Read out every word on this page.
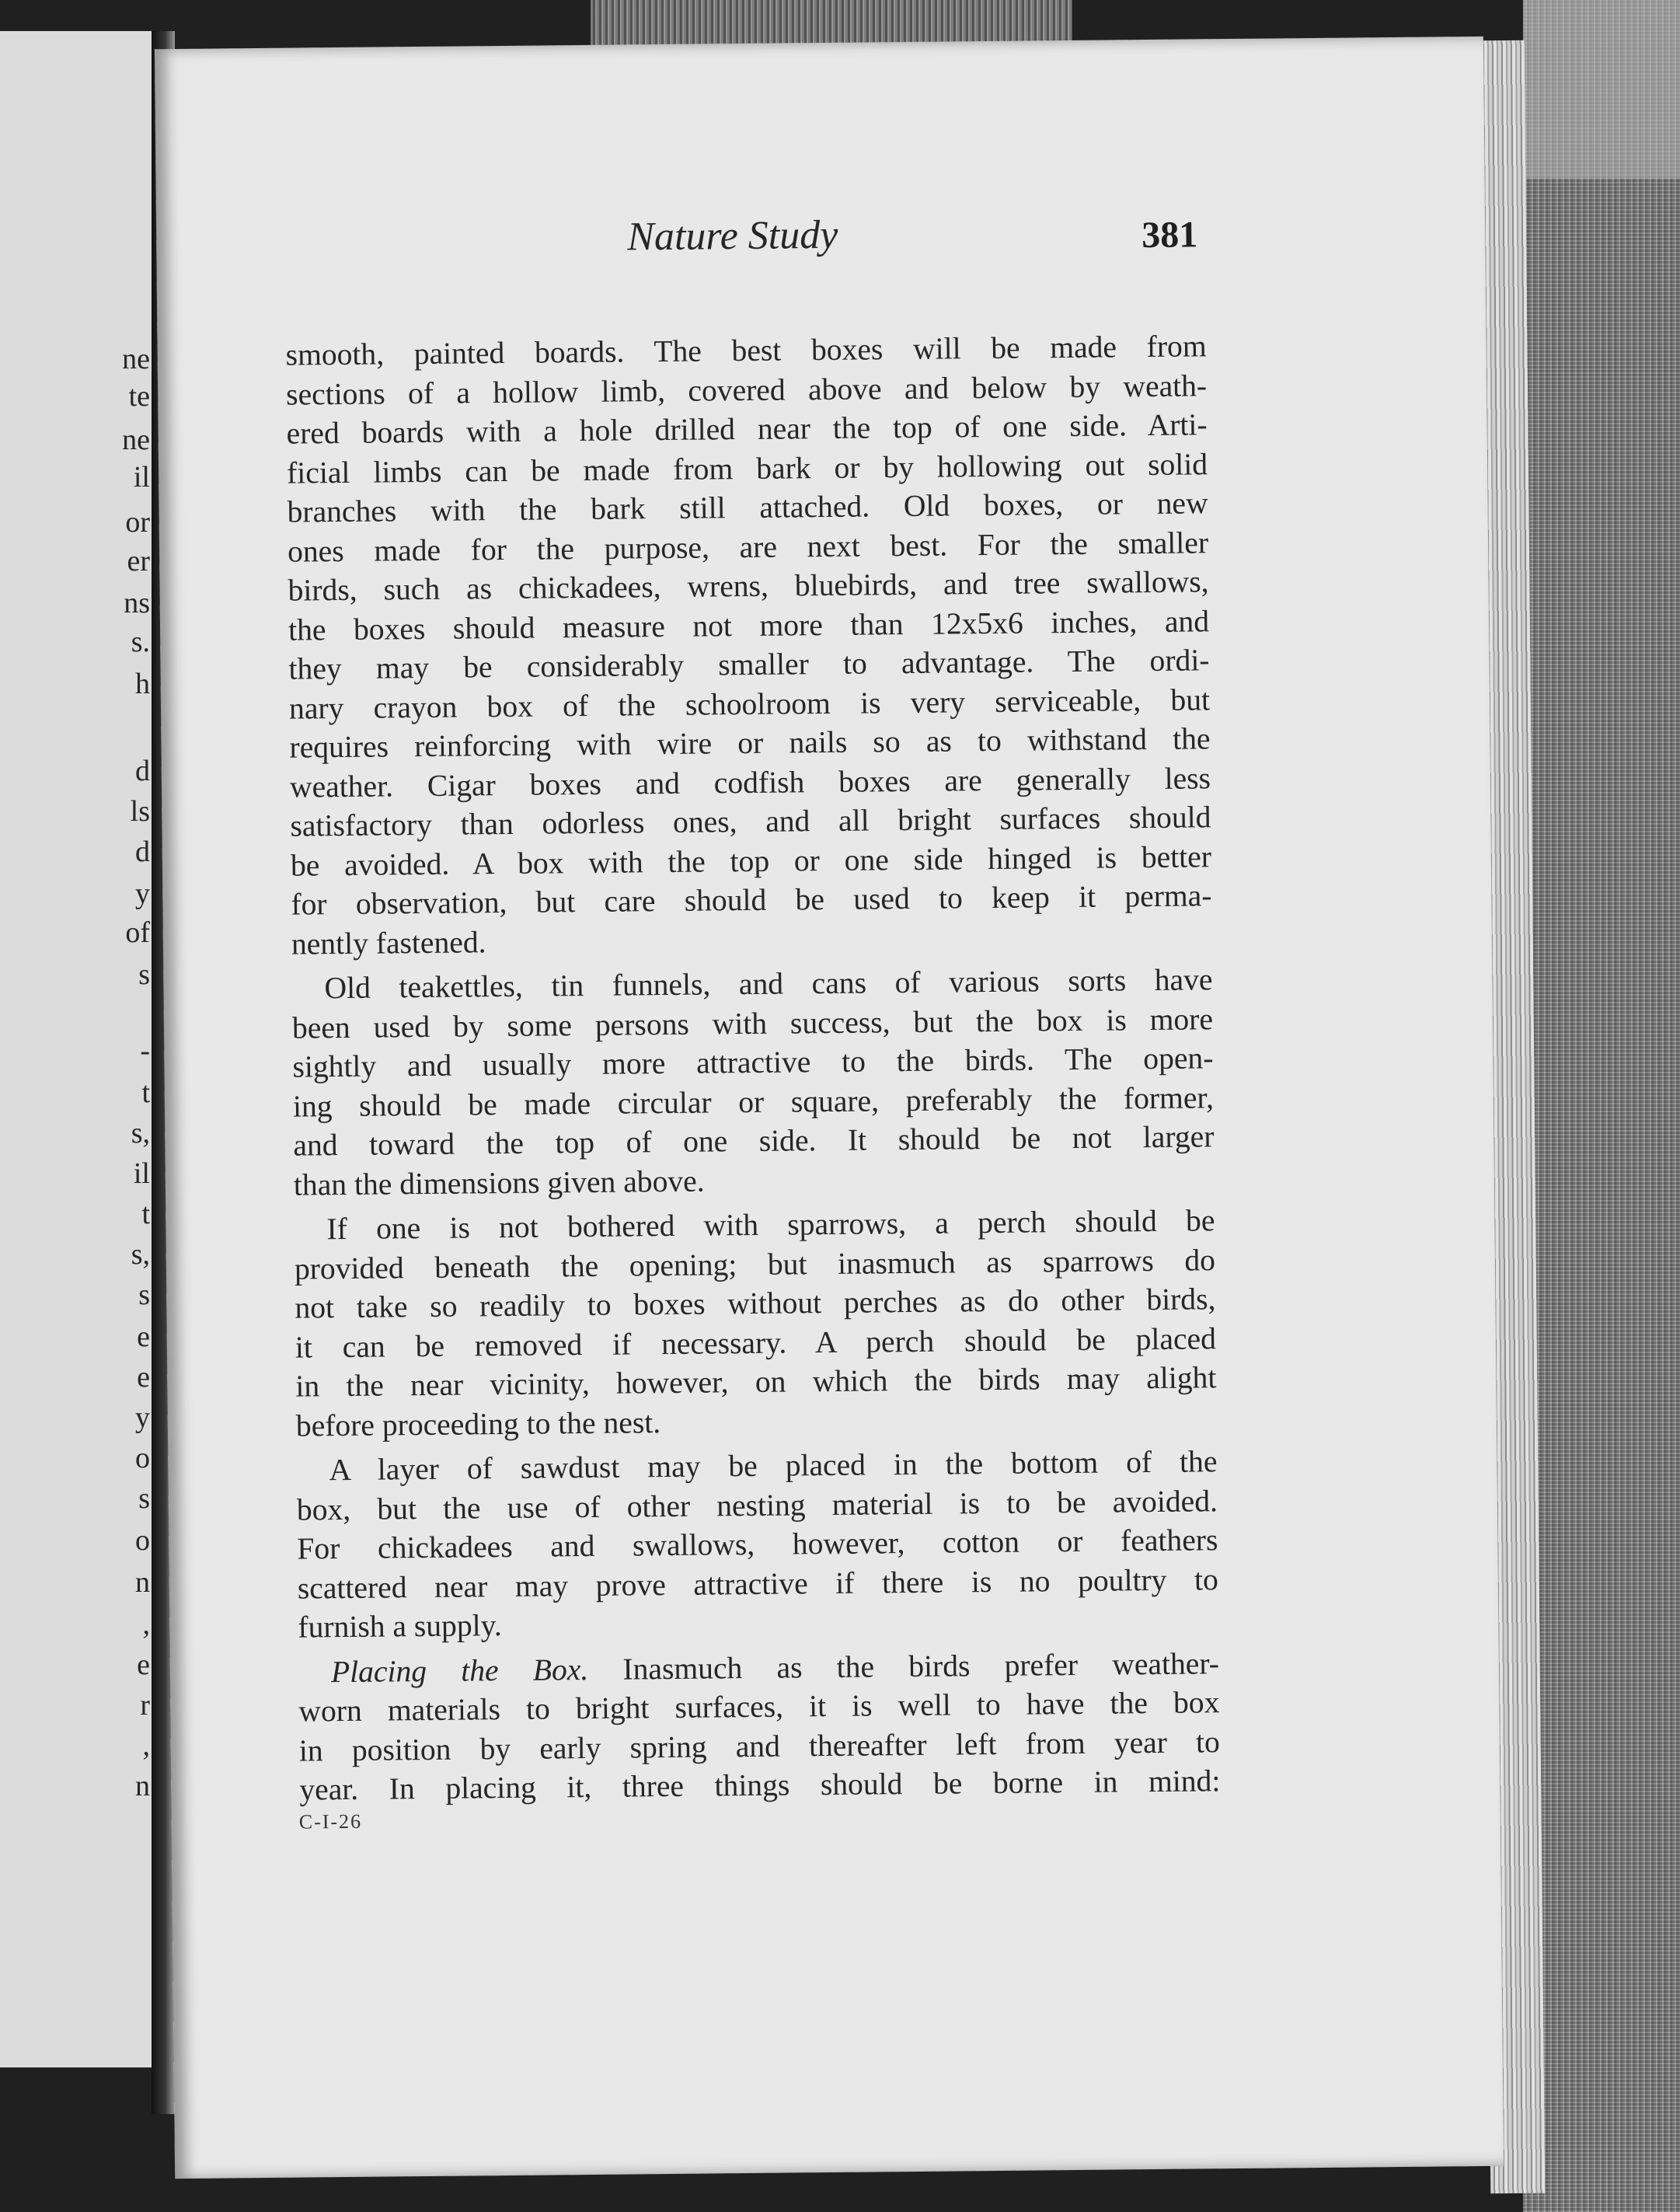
ne
te
ne
il
or
er
ns
s.
h
d
ls
d
y
of
s
-
t
s,
il
t
s,
s
e
e
y
o
s
o
n
,
e
r
,
n
Nature Study	381
smooth, painted boards. The best boxes will be made from
sections of a hollow limb, covered above and below by weath-
ered boards with a hole drilled near the top of one side. Arti-
ficial limbs can be made from bark or by hollowing out solid
branches with the bark still attached. Old boxes, or new
ones made for the purpose, are next best. For the smaller
birds, such as chickadees, wrens, bluebirds, and tree swallows,
the boxes should measure not more than 12x5x6 inches, and
they may be considerably smaller to advantage. The ordi-
nary crayon box of the schoolroom is very serviceable, but
requires reinforcing with wire or nails so as to withstand the
weather. Cigar boxes and codfish boxes are generally less
satisfactory than odorless ones, and all bright surfaces should
be avoided. A box with the top or one side hinged is better
for observation, but care should be used to keep it perma-
nently fastened.
Old teakettles, tin funnels, and cans of various sorts have
been used by some persons with success, but the box is more
sightly and usually more attractive to the birds. The open-
ing should be made circular or square, preferably the former,
and toward the top of one side. It should be not larger
than the dimensions given above.
If one is not bothered with sparrows, a perch should be
provided beneath the opening; but inasmuch as sparrows do
not take so readily to boxes without perches as do other birds,
it can be removed if necessary. A perch should be placed
in the near vicinity, however, on which the birds may alight
before proceeding to the nest.
A layer of sawdust may be placed in the bottom of the
box, but the use of other nesting material is to be avoided.
For chickadees and swallows, however, cotton or feathers
scattered near may prove attractive if there is no poultry to
furnish a supply.
Placing the Box. Inasmuch as the birds prefer weather-
worn materials to bright surfaces, it is well to have the box
in position by early spring and thereafter left from year to
year. In placing it, three things should be borne in mind:
C-I-26
